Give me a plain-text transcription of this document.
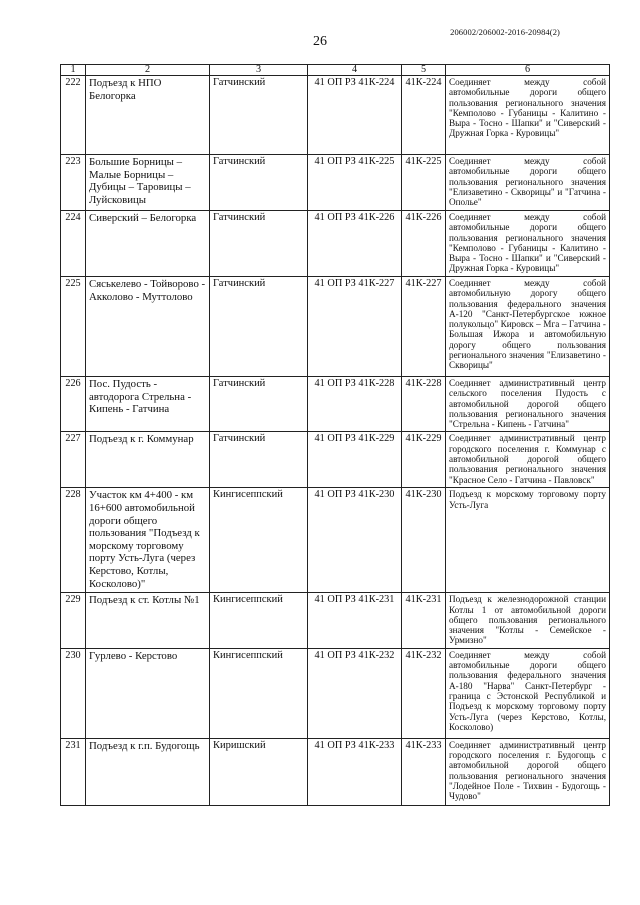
206002/206002-2016-20984(2)
26
1	2	3	4	5	6
222	Подъезд к НПО Белогорка	Гатчинский	41 ОП РЗ 41К-224	41К-224	Соединяет между собой автомобильные дороги общего пользования регионального значения "Кемполово - Губаницы - Калитино - Выра - Тосно - Шапки" и "Сиверский - Дружная Горка - Куровицы"
223	Большие Борницы – Малые Борницы – Дубицы – Таровицы – Луйсковицы	Гатчинский	41 ОП РЗ 41К-225	41К-225	Соединяет между собой автомобильные дороги общего пользования регионального значения "Елизаветино - Скворицы" и "Гатчина - Ополье"
224	Сиверский – Белогорка	Гатчинский	41 ОП РЗ 41К-226	41К-226	Соединяет между собой автомобильные дороги общего пользования регионального значения "Кемполово - Губаницы - Калитино - Выра - Тосно - Шапки" и "Сиверский - Дружная Горка - Куровицы"
225	Сяськелево - Тойворово - Акколово - Муттолово	Гатчинский	41 ОП РЗ 41К-227	41К-227	Соединяет между собой автомобильную дорогу общего пользования федерального значения А-120 "Санкт-Петербургское южное полукольцо" Кировск – Мга – Гатчина - Большая Ижора и автомобильную дорогу общего пользования регионального значения "Елизаветино - Скворицы"
226	Пос. Пудость - автодорога Стрельна - Кипень - Гатчина	Гатчинский	41 ОП РЗ 41К-228	41К-228	Соединяет административный центр сельского поселения Пудость с автомобильной дорогой общего пользования регионального значения "Стрельна - Кипень - Гатчина"
227	Подъезд к г. Коммунар	Гатчинский	41 ОП РЗ 41К-229	41К-229	Соединяет административный центр городского поселения г. Коммунар с автомобильной дорогой общего пользования регионального значения "Красное Село - Гатчина - Павловск"
228	Участок км 4+400 - км 16+600 автомобильной дороги общего пользования "Подъезд к морскому торговому порту Усть-Луга (через Керстово, Котлы, Косколово)"	Кингисеппский	41 ОП РЗ 41К-230	41К-230	Подъезд к морскому торговому порту Усть-Луга
229	Подъезд к ст. Котлы №1	Кингисеппский	41 ОП РЗ 41К-231	41К-231	Подъезд к железнодорожной станции Котлы 1 от автомобильной дороги общего пользования регионального значения "Котлы - Семейское - Урмизно"
230	Гурлево - Керстово	Кингисеппский	41 ОП РЗ 41К-232	41К-232	Соединяет между собой автомобильные дороги общего пользования федерального значения А-180 "Нарва" Санкт-Петербург - граница с Эстонской Республикой и Подъезд к морскому торговому порту Усть-Луга (через Керстово, Котлы, Косколово)
231	Подъезд к г.п. Будогощь	Киришский	41 ОП РЗ 41К-233	41К-233	Соединяет административный центр городского поселения г. Будогощь с автомобильной дорогой общего пользования регионального значения "Лодейное Поле - Тихвин - Будогощь - Чудово"
